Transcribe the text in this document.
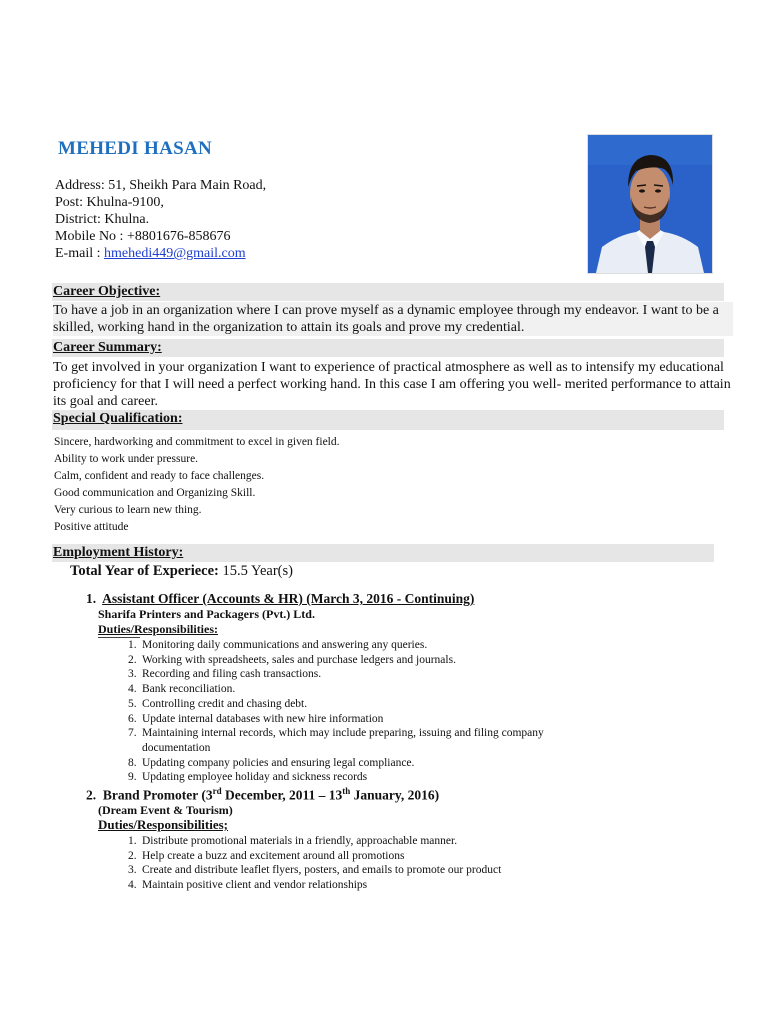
MEHEDI HASAN
Address: 51, Sheikh Para Main Road,
Post: Khulna-9100,
District: Khulna.
Mobile No : +8801676-858676
E-mail : hmehedi449@gmail.com
Career Objective:
To have a job in an organization where I can prove myself as a dynamic employee through my endeavor. I want to be a skilled, working hand in the organization to attain its goals and prove my credential.
Career Summary:
To get involved in your organization I want to experience of practical atmosphere as well as to intensify my educational proficiency for that I will need a perfect working hand. In this case I am offering you well- merited performance to attain its goal and career.
Special Qualification:
Sincere, hardworking and commitment to excel in given field.
Ability to work under pressure.
Calm, confident and ready to face challenges.
Good communication and Organizing Skill.
Very curious to learn new thing.
Positive attitude
Employment History:
Total Year of Experiece: 15.5 Year(s)
1. Assistant Officer (Accounts & HR) (March 3, 2016 - Continuing)
Sharifa Printers and Packagers (Pvt.) Ltd.
Duties/Responsibilities:
1. Monitoring daily communications and answering any queries.
2. Working with spreadsheets, sales and purchase ledgers and journals.
3. Recording and filing cash transactions.
4. Bank reconciliation.
5. Controlling credit and chasing debt.
6. Update internal databases with new hire information
7. Maintaining internal records, which may include preparing, issuing and filing company documentation
8. Updating company policies and ensuring legal compliance.
9. Updating employee holiday and sickness records
2. Brand Promoter (3rd December, 2011 – 13th January, 2016)
(Dream Event & Tourism)
Duties/Responsibilities;
1. Distribute promotional materials in a friendly, approachable manner.
2. Help create a buzz and excitement around all promotions
3. Create and distribute leaflet flyers, posters, and emails to promote our product
4. Maintain positive client and vendor relationships
